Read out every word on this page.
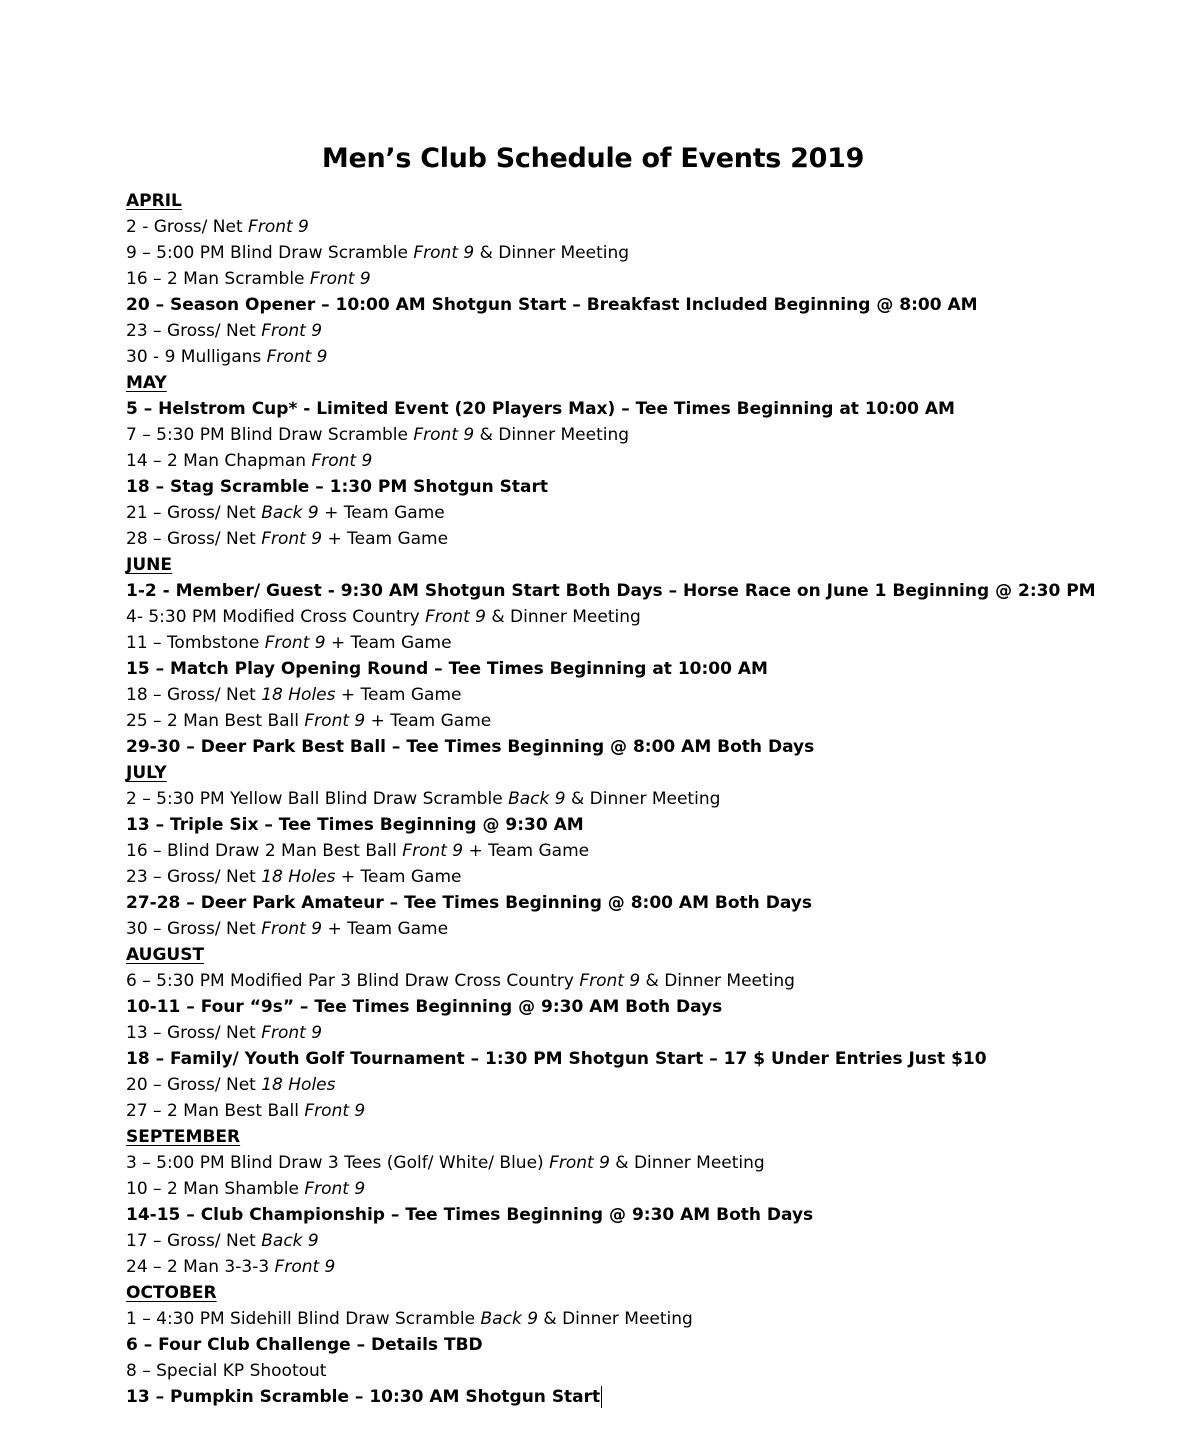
Men’s Club Schedule of Events 2019
APRIL
2 - Gross/ Net Front 9
9 – 5:00 PM Blind Draw Scramble Front 9 & Dinner Meeting
16 – 2 Man Scramble Front 9
20 – Season Opener – 10:00 AM Shotgun Start – Breakfast Included Beginning @ 8:00 AM
23 – Gross/ Net Front 9
30 - 9 Mulligans Front 9
MAY
5 – Helstrom Cup* - Limited Event (20 Players Max) – Tee Times Beginning at 10:00 AM
7 – 5:30 PM Blind Draw Scramble Front 9 & Dinner Meeting
14 – 2 Man Chapman Front 9
18 – Stag Scramble – 1:30 PM Shotgun Start
21 – Gross/ Net Back 9 + Team Game
28 – Gross/ Net Front 9 + Team Game
JUNE
1-2 - Member/ Guest - 9:30 AM Shotgun Start Both Days – Horse Race on June 1 Beginning @ 2:30 PM
4- 5:30 PM Modified Cross Country Front 9 & Dinner Meeting
11 – Tombstone Front 9 + Team Game
15 – Match Play Opening Round – Tee Times Beginning at 10:00 AM
18 – Gross/ Net 18 Holes + Team Game
25 – 2 Man Best Ball Front 9 + Team Game
29-30 – Deer Park Best Ball – Tee Times Beginning @ 8:00 AM Both Days
JULY
2 – 5:30 PM Yellow Ball Blind Draw Scramble Back 9 & Dinner Meeting
13 – Triple Six – Tee Times Beginning @ 9:30 AM
16 – Blind Draw 2 Man Best Ball Front 9 + Team Game
23 – Gross/ Net 18 Holes + Team Game
27-28 – Deer Park Amateur – Tee Times Beginning @ 8:00 AM Both Days
30 – Gross/ Net Front 9 + Team Game
AUGUST
6 – 5:30 PM Modified Par 3 Blind Draw Cross Country Front 9 & Dinner Meeting
10-11 – Four “9s” – Tee Times Beginning @ 9:30 AM Both Days
13 – Gross/ Net Front 9
18 – Family/ Youth Golf Tournament – 1:30 PM Shotgun Start – 17 $ Under Entries Just $10
20 – Gross/ Net 18 Holes
27 – 2 Man Best Ball Front 9
SEPTEMBER
3 – 5:00 PM Blind Draw 3 Tees (Golf/ White/ Blue) Front 9 & Dinner Meeting
10 – 2 Man Shamble Front 9
14-15 – Club Championship – Tee Times Beginning @ 9:30 AM Both Days
17 – Gross/ Net Back 9
24 – 2 Man 3-3-3 Front 9
OCTOBER
1 – 4:30 PM Sidehill Blind Draw Scramble Back 9 & Dinner Meeting
6 – Four Club Challenge – Details TBD
8 – Special KP Shootout
13 – Pumpkin Scramble – 10:30 AM Shotgun Start
